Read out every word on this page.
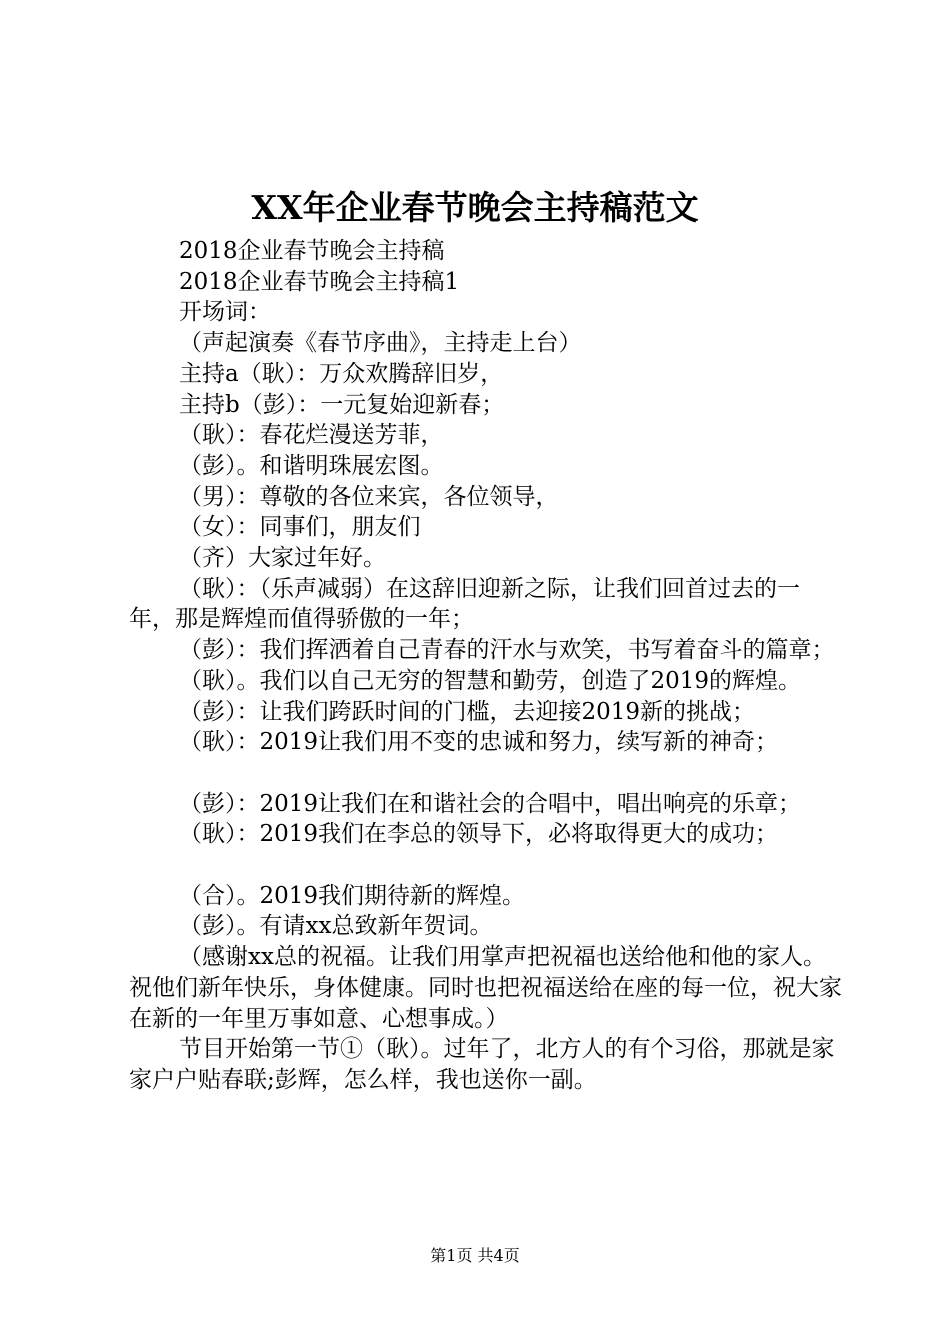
XX年企业春节晚会主持稿范文

2018企业春节晚会主持稿

2018企业春节晚会主持稿1

开场词：

（声起演奏《春节序曲》，主持走上台）

主持a（耿）：万众欢腾辞旧岁，

主持b（彭）：一元复始迎新春；

（耿）：春花烂漫送芳菲，

（彭）。和谐明珠展宏图。

（男）：尊敬的各位来宾，各位领导，

（女）：同事们，朋友们

（齐）大家过年好。

（耿）：（乐声减弱）在这辞旧迎新之际，让我们回首过去的一年，那是辉煌而值得骄傲的一年；

（彭）：我们挥洒着自己青春的汗水与欢笑，书写着奋斗的篇章；

（耿）。我们以自己无穷的智慧和勤劳，创造了2019的辉煌。

（彭）：让我们跨跃时间的门槛，去迎接2019新的挑战；

（耿）：2019让我们用不变的忠诚和努力，续写新的神奇；

（彭）：2019让我们在和谐社会的合唱中，唱出响亮的乐章；

（耿）：2019我们在李总的领导下，必将取得更大的成功；

（合）。2019我们期待新的辉煌。

（彭）。有请xx总致新年贺词。

（感谢xx总的祝福。让我们用掌声把祝福也送给他和他的家人。祝他们新年快乐，身体健康。同时也把祝福送给在座的每一位，祝大家在新的一年里万事如意、心想事成。）

节目开始第一节①（耿）。过年了，北方人的有个习俗，那就是家家户户贴春联;彭辉，怎么样，我也送你一副。

第1页 共4页
